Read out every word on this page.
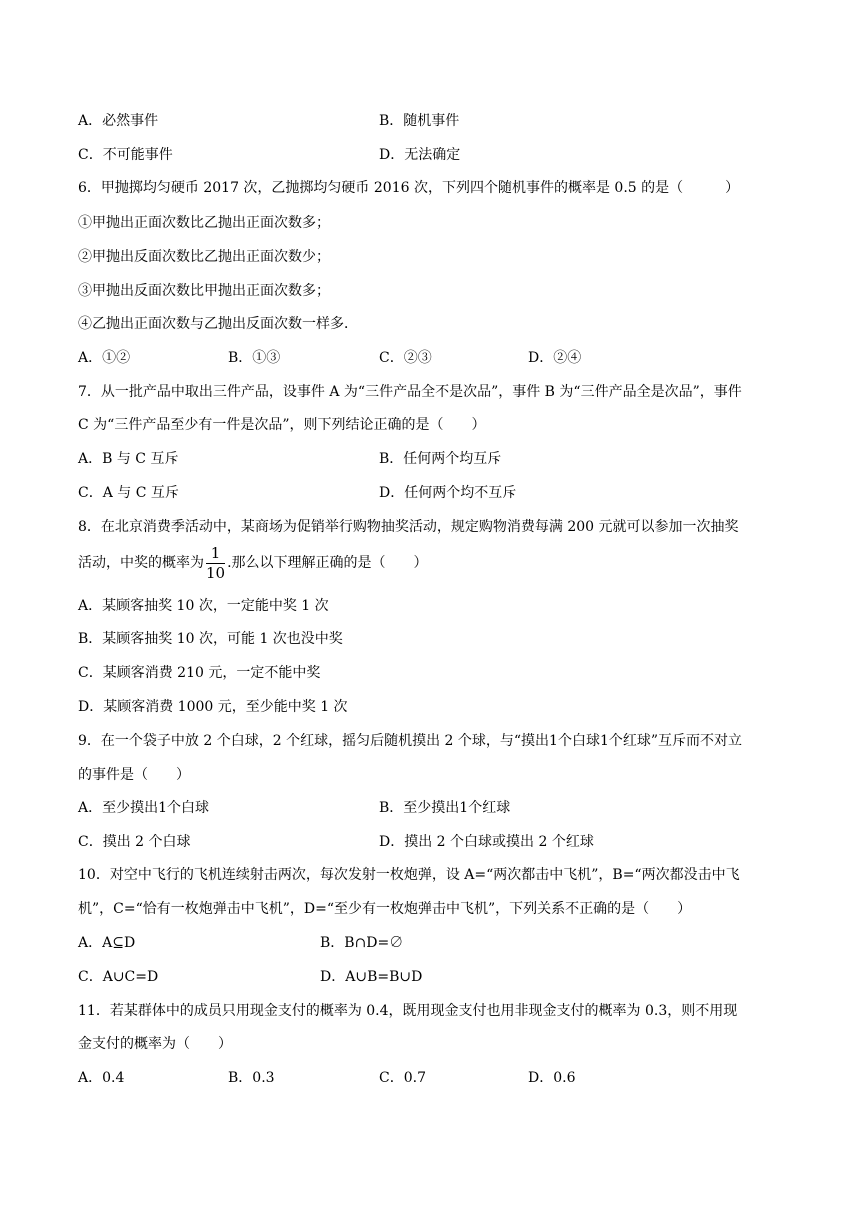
A．必然事件	B．随机事件
C．不可能事件	D．无法确定
6．甲抛掷均匀硬币 2017 次，乙抛掷均匀硬币 2016 次，下列四个随机事件的概率是 0.5 的是（　　　）
①甲抛出正面次数比乙抛出正面次数多；
②甲抛出反面次数比乙抛出正面次数少；
③甲抛出反面次数比甲抛出正面次数多；
④乙抛出正面次数与乙抛出反面次数一样多．
A．①②	B．①③	C．②③	D．②④
7．从一批产品中取出三件产品，设事件 A 为“三件产品全不是次品”，事件 B 为“三件产品全是次品”，事件
C 为“三件产品至少有一件是次品”，则下列结论正确的是（　　）
A．B 与 C 互斥	B．任何两个均互斥
C．A 与 C 互斥	D．任何两个均不互斥
8．在北京消费季活动中，某商场为促销举行购物抽奖活动，规定购物消费每满 200 元就可以参加一次抽奖
活动，中奖的概率为 $\frac{1}{10}$ .那么以下理解正确的是（　　）
A．某顾客抽奖 10 次，一定能中奖 1 次
B．某顾客抽奖 10 次，可能 1 次也没中奖
C．某顾客消费 210 元，一定不能中奖
D．某顾客消费 1000 元，至少能中奖 1 次
9．在一个袋子中放 2 个白球，2 个红球，摇匀后随机摸出 2 个球，与“摸出1个白球1个红球”互斥而不对立
的事件是（　　）
A．至少摸出1个白球	B．至少摸出1个红球
C．摸出 2 个白球	D．摸出 2 个白球或摸出 2 个红球
10．对空中飞行的飞机连续射击两次，每次发射一枚炮弹，设 A=“两次都击中飞机”，B=“两次都没击中飞
机”，C=“恰有一枚炮弹击中飞机”，D=“至少有一枚炮弹击中飞机”，下列关系不正确的是（　　）
A．A⊆D	B．B∩D=∅
C．A∪C=D	D．A∪B=B∪D
11．若某群体中的成员只用现金支付的概率为 0.4，既用现金支付也用非现金支付的概率为 0.3，则不用现
金支付的概率为（　　）
A．0.4	B．0.3	C．0.7	D．0.6
